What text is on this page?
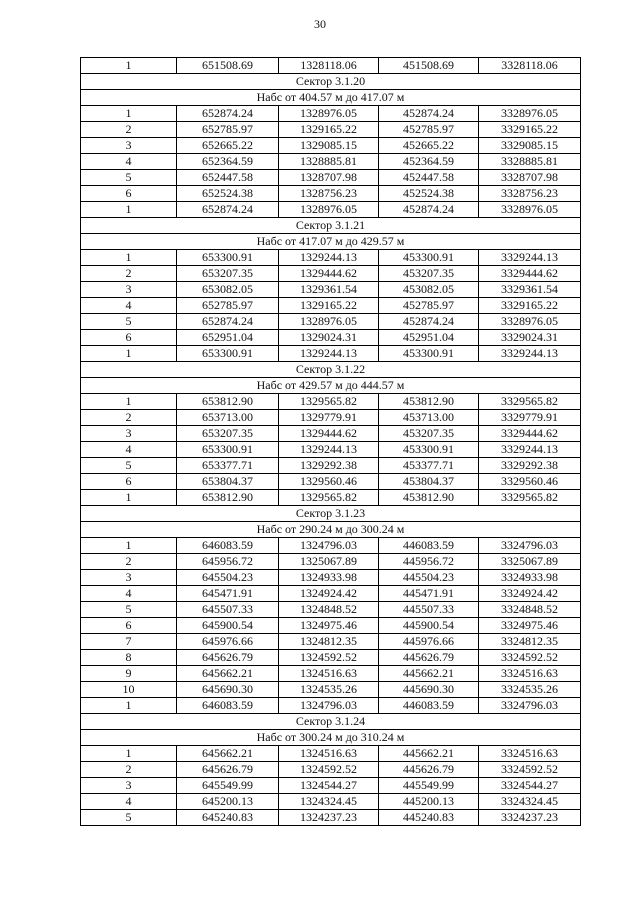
30
1	651508.69	1328118.06	451508.69	3328118.06
Сектор 3.1.20				
Набс от 404.57 м до 417.07 м				
1	652874.24	1328976.05	452874.24	3328976.05
2	652785.97	1329165.22	452785.97	3329165.22
3	652665.22	1329085.15	452665.22	3329085.15
4	652364.59	1328885.81	452364.59	3328885.81
5	652447.58	1328707.98	452447.58	3328707.98
6	652524.38	1328756.23	452524.38	3328756.23
1	652874.24	1328976.05	452874.24	3328976.05
Сектор 3.1.21				
Набс от 417.07 м до 429.57 м				
1	653300.91	1329244.13	453300.91	3329244.13
2	653207.35	1329444.62	453207.35	3329444.62
3	653082.05	1329361.54	453082.05	3329361.54
4	652785.97	1329165.22	452785.97	3329165.22
5	652874.24	1328976.05	452874.24	3328976.05
6	652951.04	1329024.31	452951.04	3329024.31
1	653300.91	1329244.13	453300.91	3329244.13
Сектор 3.1.22				
Набс от 429.57 м до 444.57 м				
1	653812.90	1329565.82	453812.90	3329565.82
2	653713.00	1329779.91	453713.00	3329779.91
3	653207.35	1329444.62	453207.35	3329444.62
4	653300.91	1329244.13	453300.91	3329244.13
5	653377.71	1329292.38	453377.71	3329292.38
6	653804.37	1329560.46	453804.37	3329560.46
1	653812.90	1329565.82	453812.90	3329565.82
Сектор 3.1.23				
Набс от 290.24 м до 300.24 м				
1	646083.59	1324796.03	446083.59	3324796.03
2	645956.72	1325067.89	445956.72	3325067.89
3	645504.23	1324933.98	445504.23	3324933.98
4	645471.91	1324924.42	445471.91	3324924.42
5	645507.33	1324848.52	445507.33	3324848.52
6	645900.54	1324975.46	445900.54	3324975.46
7	645976.66	1324812.35	445976.66	3324812.35
8	645626.79	1324592.52	445626.79	3324592.52
9	645662.21	1324516.63	445662.21	3324516.63
10	645690.30	1324535.26	445690.30	3324535.26
1	646083.59	1324796.03	446083.59	3324796.03
Сектор 3.1.24				
Набс от 300.24 м до 310.24 м				
1	645662.21	1324516.63	445662.21	3324516.63
2	645626.79	1324592.52	445626.79	3324592.52
3	645549.99	1324544.27	445549.99	3324544.27
4	645200.13	1324324.45	445200.13	3324324.45
5	645240.83	1324237.23	445240.83	3324237.23
